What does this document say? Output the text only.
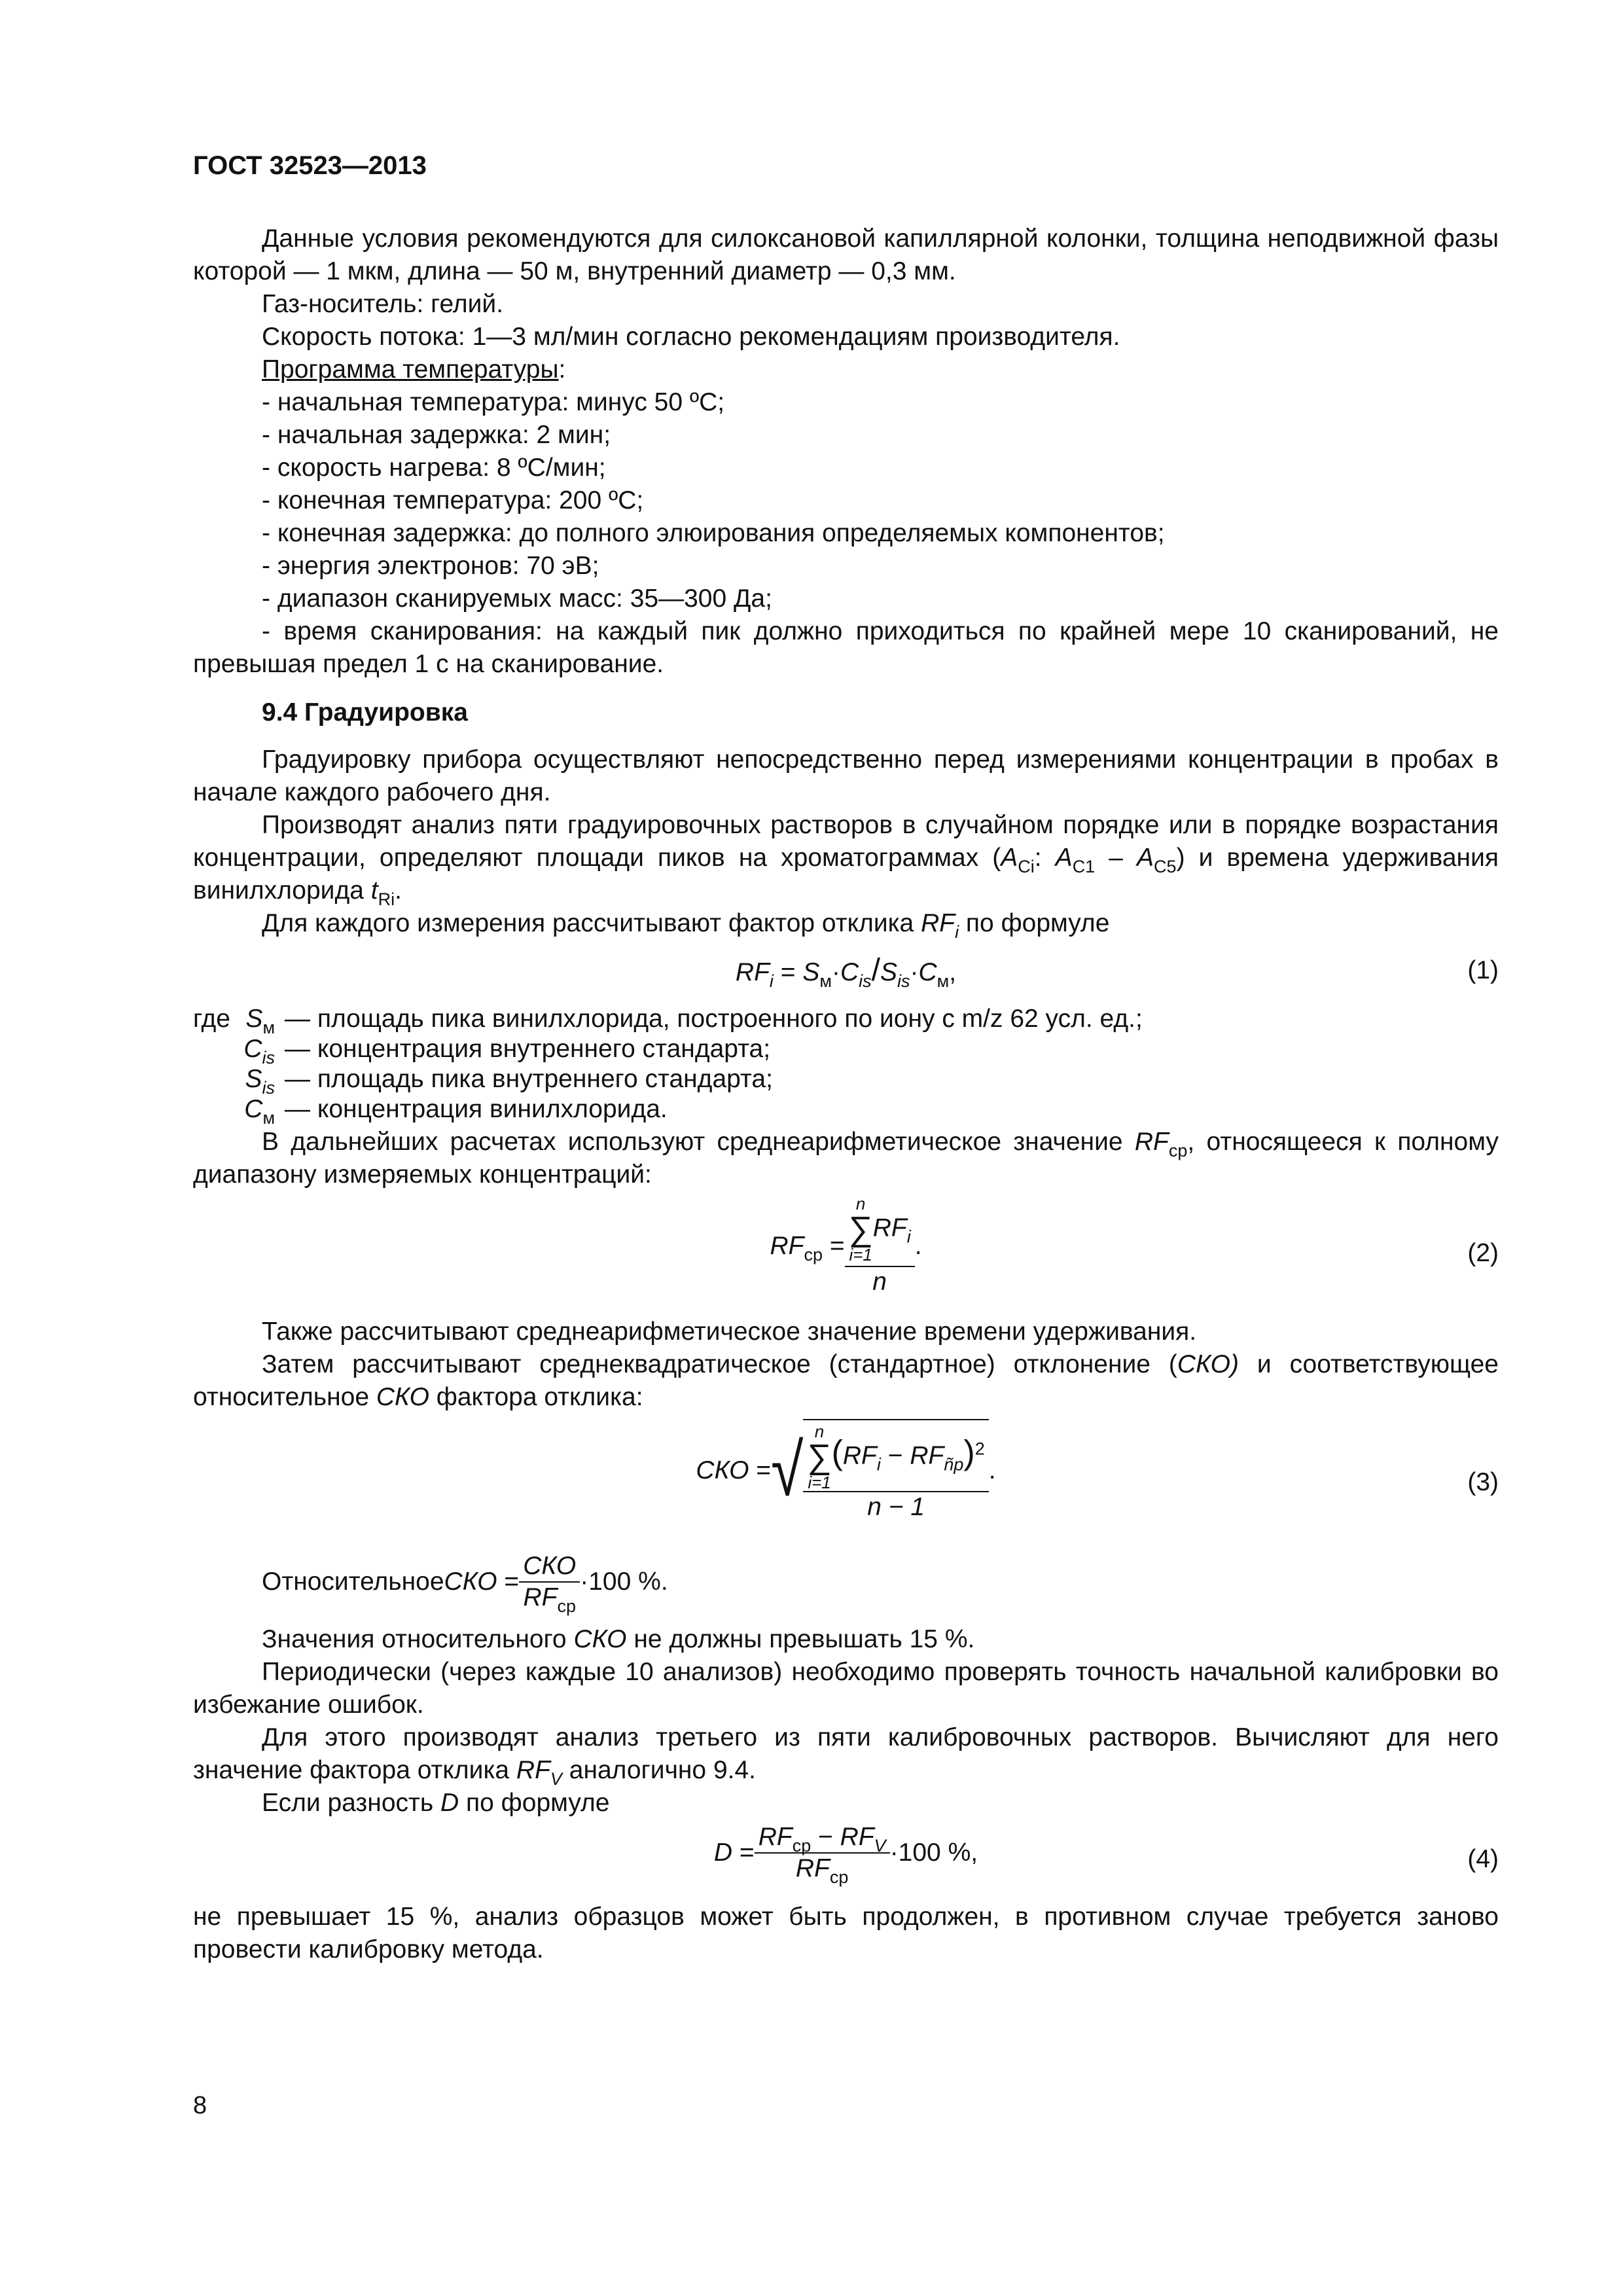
ГОСТ 32523—2013

Данные условия рекомендуются для силоксановой капиллярной колонки, толщина неподвижной фазы которой — 1 мкм, длина — 50 м, внутренний диаметр — 0,3 мм.

Газ-носитель: гелий.

Скорость потока: 1—3 мл/мин согласно рекомендациям производителя.

Программа температуры:

- начальная температура: минус 50 ºС;

- начальная задержка: 2 мин;

- скорость нагрева: 8 ºС/мин;

- конечная температура: 200 ºС;

- конечная задержка: до полного элюирования определяемых компонентов;

- энергия электронов: 70 эВ;

- диапазон сканируемых масс: 35—300 Да;

- время сканирования: на каждый пик должно приходиться по крайней мере 10 сканирований, не превышая предел 1 с на сканирование.

9.4 Градуировка

Градуировку прибора осуществляют непосредственно перед измерениями концентрации в пробах в начале каждого рабочего дня.

Производят анализ пяти градуировочных растворов в случайном порядке или в порядке возрастания концентрации, определяют площади пиков на хроматограммах ($A_{Ci}$: $A_{C1} - A_{C5}$) и времена удерживания винилхлорида $t_{Ri}$.

Для каждого измерения рассчитывают фактор отклика $RF_i$ по формуле

$RF_i = S_м\cdot C_{is}/S_{is}\cdot C_м$,	(1)
где $S_м$ — площадь пика винилхлорида, построенного по иону с m/z 62 усл. ед.;
$C_{is}$ — концентрация внутреннего стандарта;
$S_{is}$ — площадь пика внутреннего стандарта;
$C_м$ — концентрация винилхлорида.

В дальнейших расчетах используют среднеарифметическое значение $RF_{ср}$, относящееся к полному диапазону измеряемых концентраций:

$RF_{ср} = n$
∑
i=1
$RF_i$
n .	(2)

Также рассчитывают среднеарифметическое значение времени удерживания.

Затем рассчитывают среднеквадратическое (стандартное) отклонение (СКО) и соответствующее относительное СКО фактора отклика:

СКО =√ n
∑
i=1
$(RF_i - RF_{ñр})^2$
n − 1 .	(3)
ОтносительноеСКО = $\frac{\text{СКО}}{RF_{ср}} \cdot 100$ %.

Значения относительного СКО не должны превышать 15 %.

Периодически (через каждые 10 анализов) необходимо проверять точность начальной калибровки во избежание ошибок.

Для этого производят анализ третьего из пяти калибровочных растворов. Вычисляют для него значение фактора отклика $RF_V$ аналогично 9.4.

Если разность D по формуле

$D = \frac{RF_{ср} - RF_V}{RF_{ср}} \cdot 100$ %,	(4)

не превышает 15 %, анализ образцов может быть продолжен, в противном случае требуется заново провести калибровку метода.

8
